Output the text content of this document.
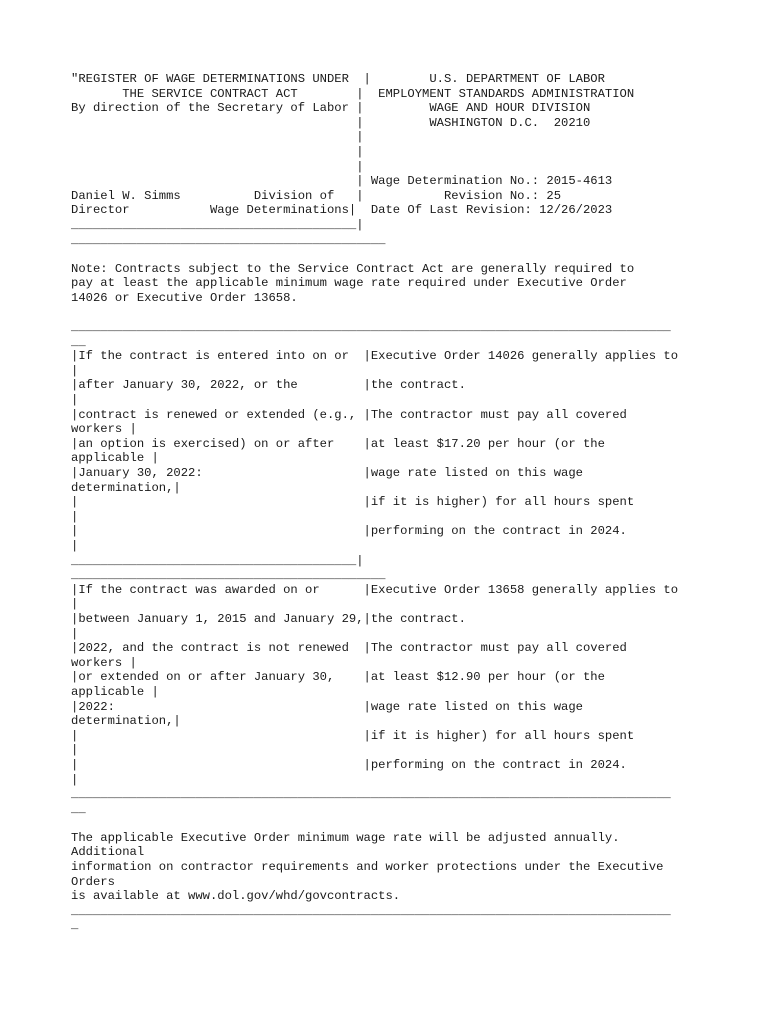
"REGISTER OF WAGE DETERMINATIONS UNDER  |        U.S. DEPARTMENT OF LABOR
THE SERVICE CONTRACT ACT        |  EMPLOYMENT STANDARDS ADMINISTRATION
By direction of the Secretary of Labor |         WAGE AND HOUR DIVISION
|         WASHINGTON D.C.  20210
|
|
|
| Wage Determination No.: 2015-4613
Daniel W. Simms          Division of   |           Revision No.: 25
Director           Wage Determinations|  Date Of Last Revision: 12/26/2023
_______________________________________|
___________________________________________
Note: Contracts subject to the Service Contract Act are generally required to
pay at least the applicable minimum wage rate required under Executive Order
14026 or Executive Order 13658.
__________________________________________________________________________________
__
|If the contract is entered into on or  |Executive Order 14026 generally applies to
|
|after January 30, 2022, or the         |the contract.
|
|contract is renewed or extended (e.g., |The contractor must pay all covered
workers |
|an option is exercised) on or after    |at least $17.20 per hour (or the
applicable |
|January 30, 2022:                      |wage rate listed on this wage
determination,|
|                                       |if it is higher) for all hours spent
|
|                                       |performing on the contract in 2024.
|
_______________________________________|
___________________________________________
|If the contract was awarded on or      |Executive Order 13658 generally applies to
|
|between January 1, 2015 and January 29,|the contract.
|
|2022, and the contract is not renewed  |The contractor must pay all covered
workers |
|or extended on or after January 30,    |at least $12.90 per hour (or the
applicable |
|2022:                                  |wage rate listed on this wage
determination,|
|                                       |if it is higher) for all hours spent
|
|                                       |performing on the contract in 2024.
|
__________________________________________________________________________________
__
The applicable Executive Order minimum wage rate will be adjusted annually.
Additional
information on contractor requirements and worker protections under the Executive
Orders
is available at www.dol.gov/whd/govcontracts.
__________________________________________________________________________________
_
